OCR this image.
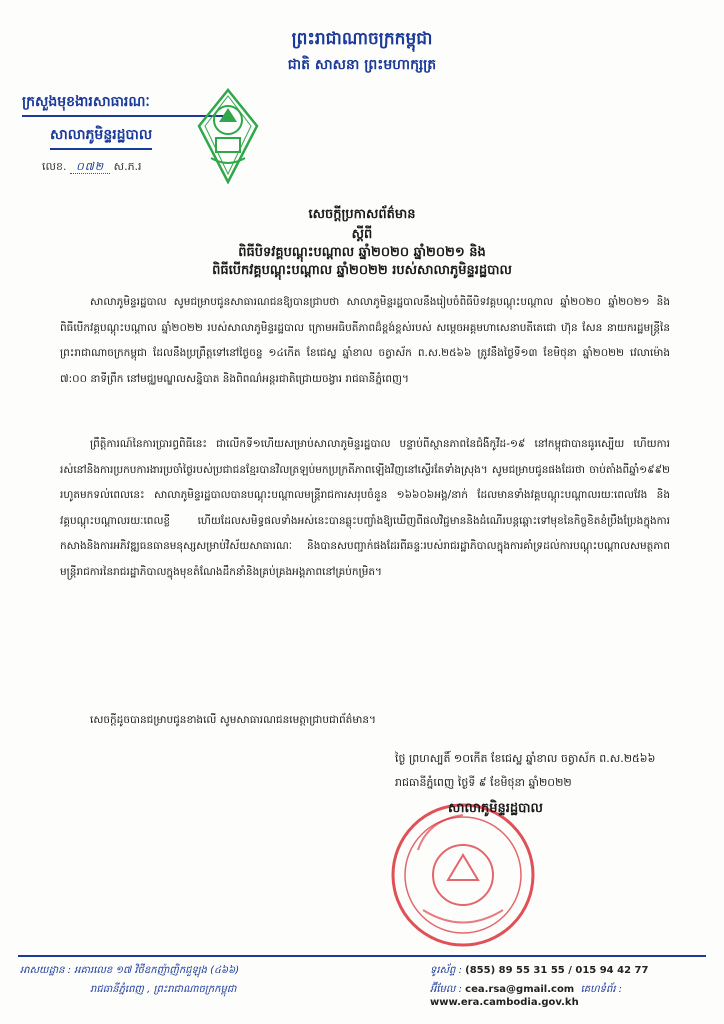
ព្រះរាជាណាចក្រកម្ពុជា
ជាតិ សាសនា ព្រះមហាក្សត្រ
ក្រសួងមុខងារសាធារណៈ
សាលាភូមិន្ទរដ្ឋបាល
លេខ. ០៧២ ស.ភ.រ
សេចក្តីប្រកាសព័ត៌មាន
ស្តីពី
ពិធីបិទវគ្គបណ្តុះបណ្តាល ឆ្នាំ២០២០ ឆ្នាំ២០២១ និង
ពិធីបើកវគ្គបណ្តុះបណ្តាល ឆ្នាំ២០២២ របស់សាលាភូមិន្ទរដ្ឋបាល
សាលាភូមិន្ទរដ្ឋបាល សូមជម្រាបជូនសាធារណជនឱ្យបានជ្រាបថា សាលាភូមិន្ទរដ្ឋបាលនឹងរៀបចំពិធីបិទវគ្គបណ្តុះបណ្តាល ឆ្នាំ២០២០ ឆ្នាំ២០២១ និងពិធីបើកវគ្គបណ្តុះបណ្តាល ឆ្នាំ២០២២ របស់សាលាភូមិន្ទរដ្ឋបាល ក្រោមអធិបតីភាពដ៏ខ្ពង់ខ្ពស់របស់ សម្តេចអគ្គមហាសេនាបតីតេជោ ហ៊ុន សែន នាយករដ្ឋមន្ត្រីនៃព្រះរាជាណាចក្រកម្ពុជា ដែលនឹងប្រព្រឹត្តទៅនៅថ្ងៃចន្ទ ១៤កើត ខែជេស្ឋ ឆ្នាំខាល ចត្វាស័ក ព.ស.២៥៦៦ ត្រូវនឹងថ្ងៃទី១៣ ខែមិថុនា ឆ្នាំ២០២២ វេលាម៉ោង ៧:០០ នាទីព្រឹក នៅមជ្ឈមណ្ឌលសន្និបាត និងពិពណ៌អន្តរជាតិជ្រោយចង្វារ រាជធានីភ្នំពេញ។
ព្រឹត្តិការណ៍នៃការប្រារព្ធពិធីនេះ ជាលើកទី១ហើយសម្រាប់សាលាភូមិន្ទរដ្ឋបាល បន្ទាប់ពីស្ថានភាពនៃជំងឺកូវីដ-១៩ នៅកម្ពុជាបានធូរស្បើយ ហើយការរស់នៅនិងការប្រកបការងារប្រចាំថ្ងៃរបស់ប្រជាជនខ្មែរបានវិលត្រឡប់មកប្រក្រតីភាពឡើងវិញនៅស្ទើរតែទាំងស្រុង។ សូមជម្រាបជូនផងដែរថា ចាប់តាំងពីឆ្នាំ១៩៩២ រហូតមកទល់ពេលនេះ សាលាភូមិន្ទរដ្ឋបាលបានបណ្តុះបណ្តាលមន្ត្រីរាជការសរុបចំនួន ១៦៦០៦អង្គ/នាក់ ដែលមានទាំងវគ្គបណ្តុះបណ្តាលរយៈពេលវែង និងវគ្គបណ្តុះបណ្តាលរយៈពេលខ្លី ហើយដែលសមិទ្ធផលទាំងអស់នេះបានឆ្លុះបញ្ចាំងឱ្យឃើញពីផលវិជ្ជមាននិងដំណើរបន្តឆ្ពោះទៅមុខនៃកិច្ចខិតខំប្រឹងប្រែងក្នុងការកសាងនិងការអភិវឌ្ឍធនធានមនុស្សសម្រាប់វិស័យសាធារណៈ និងបានសបញ្ជាក់ផងដែរពីឆន្ទៈរបស់រាជរដ្ឋាភិបាលក្នុងការគាំទ្រដល់ការបណ្តុះបណ្តាលសមត្ថភាពមន្ត្រីរាជការនៃរាជរដ្ឋាភិបាលក្នុងមុខតំណែងដឹកនាំនិងគ្រប់គ្រងអង្គភាពនៅគ្រប់កម្រិត។
សេចក្តីដូចបានជម្រាបជូនខាងលើ សូមសាធារណជនមេត្តាជ្រាបជាព័ត៌មាន។
ថ្ងៃ ព្រហស្បតិ៍ ១០កើត ខែជេស្ឋ ឆ្នាំខាល ចត្វាស័ក ព.ស.២៥៦៦
រាជធានីភ្នំពេញ ថ្ងៃទី ៩ ខែមិថុនា ឆ្នាំ២០២២
សាលាភូមិន្ទរដ្ឋបាល
អាសយដ្ឋាន : អគារលេខ ១៧ វិថីឧកញ៉ាញិកជួឡុង (៤៦៦)
រាជធានីភ្នំពេញ , ព្រះរាជាណាចក្រកម្ពុជា
ទូរស័ព្ទ : (855) 89 55 31 55 / 015 94 42 77
អ៊ីមែល : cea.rsa@gmail.com គេហទំព័រ : www.era.cambodia.gov.kh
